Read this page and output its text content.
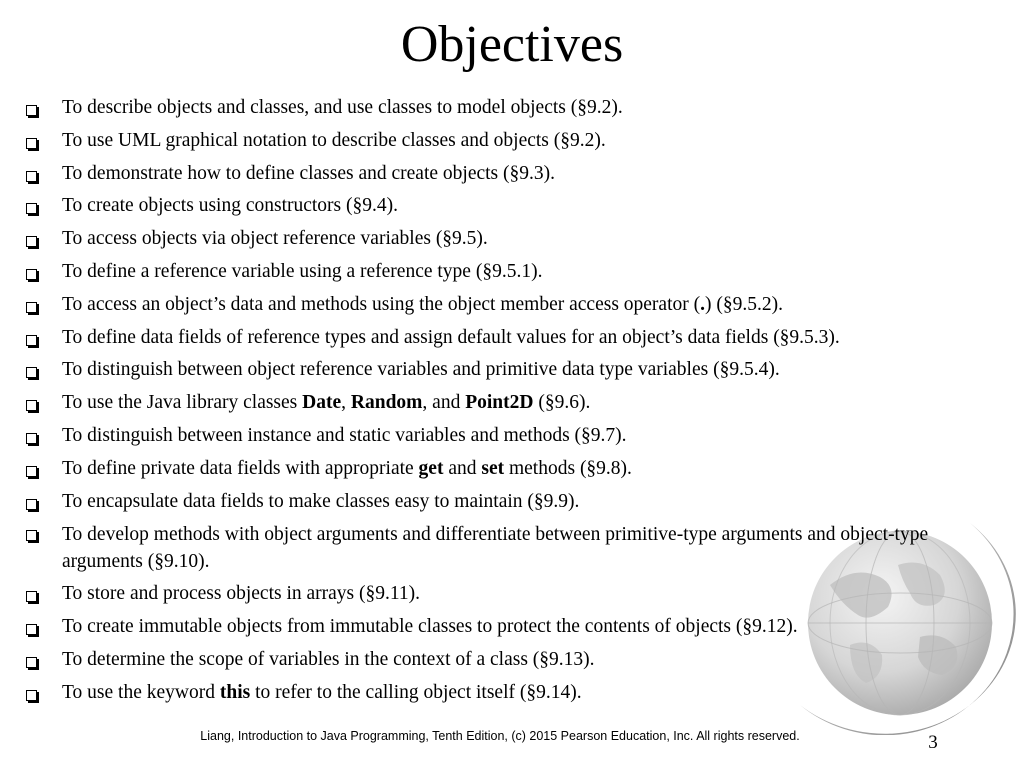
Objectives
To describe objects and classes, and use classes to model objects (§9.2).
To use UML graphical notation to describe classes and objects (§9.2).
To demonstrate how to define classes and create objects (§9.3).
To create objects using constructors (§9.4).
To access objects via object reference variables (§9.5).
To define a reference variable using a reference type (§9.5.1).
To access an object’s data and methods using the object member access operator (.) (§9.5.2).
To define data fields of reference types and assign default values for an object’s data fields (§9.5.3).
To distinguish between object reference variables and primitive data type variables (§9.5.4).
To use the Java library classes Date, Random, and Point2D (§9.6).
To distinguish between instance and static variables and methods (§9.7).
To define private data fields with appropriate get and set methods (§9.8).
To encapsulate data fields to make classes easy to maintain (§9.9).
To develop methods with object arguments and differentiate between primitive-type arguments and object-type arguments (§9.10).
To store and process objects in arrays (§9.11).
To create immutable objects from immutable classes to protect the contents of objects (§9.12).
To determine the scope of variables in the context of a class (§9.13).
To use the keyword this to refer to the calling object itself (§9.14).
Liang, Introduction to Java Programming, Tenth Edition, (c) 2015 Pearson Education, Inc. All rights reserved.	3
